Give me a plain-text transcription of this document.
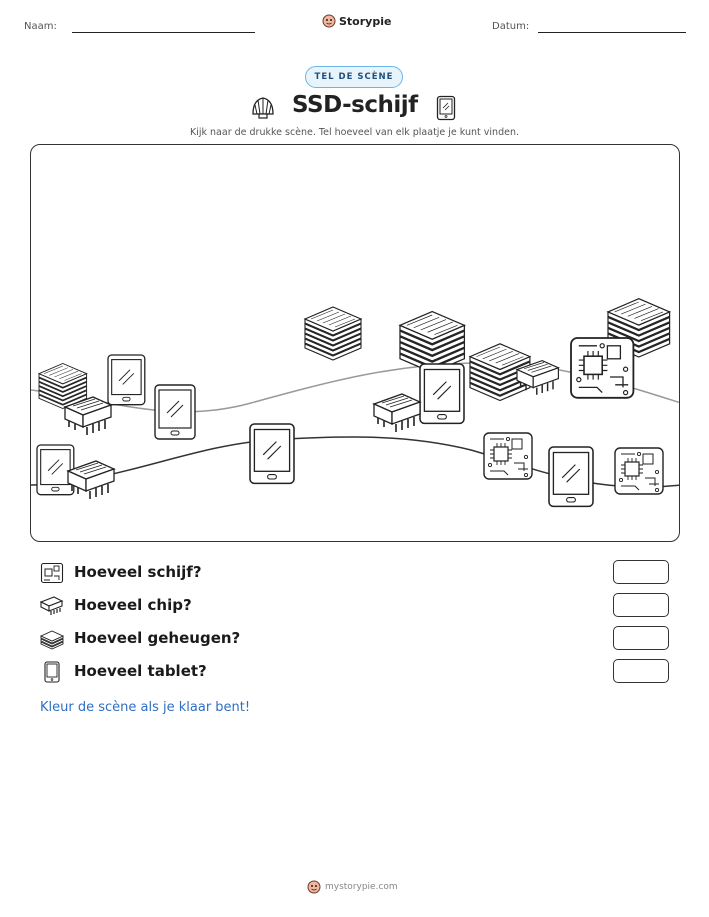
Naam:	Storypie	Datum:
TEL DE SCÈNE
SSD-schijf
Kijk naar de drukke scène. Tel hoeveel van elk plaatje je kunt vinden.
Hoeveel schijf?
Hoeveel chip?
Hoeveel geheugen?
Hoeveel tablet?
Kleur de scène als je klaar bent!
mystorypie.com
